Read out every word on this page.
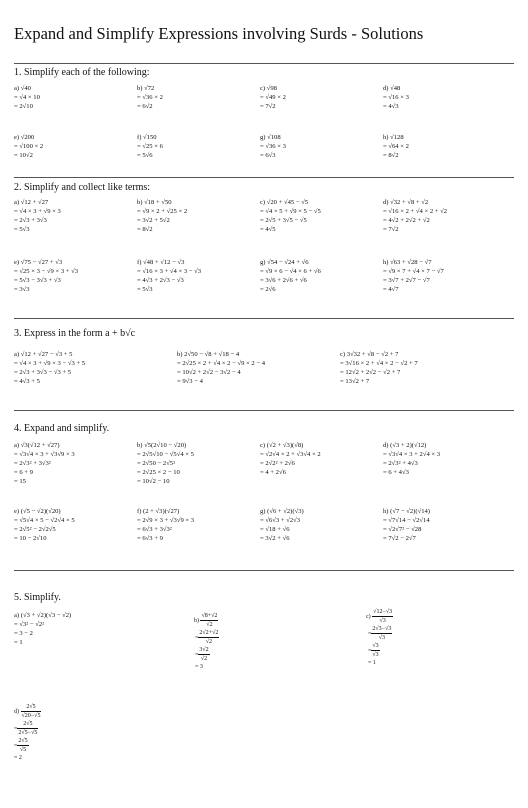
Expand and Simplify Expressions involving Surds - Solutions
1. Simplify each of the following:
a) √40
= √4 × 10
= 2√10
b) √72
= √36 × 2
= 6√2
c) √98
= √49 × 2
= 7√2
d) √48
= √16 × 3
= 4√3
e) √200
= √100 × 2
= 10√2
f) √150
= √25 × 6
= 5√6
g) √108
= √36 × 3
= 6√3
h) √128
= √64 × 2
= 8√2
2. Simplify and collect like terms:
a) √12 + √27
= √4 × 3 + √9 × 3
= 2√3 + 3√3
= 5√3
b) √18 + √50
= √9 × 2 + √25 × 2
= 3√2 + 5√2
= 8√2
c) √20 + √45 − √5
= √4 × 5 + √9 × 5 − √5
= 2√5 + 3√5 − √5
= 4√5
d) √32 + √8 + √2
= √16 × 2 + √4 × 2 + √2
= 4√2 + 2√2 + √2
= 7√2
e) √75 − √27 + √3
= √25 × 3 − √9 × 3 + √3
= 5√3 − 3√3 + √3
= 3√3
f) √48 + √12 − √3
= √16 × 3 + √4 × 3 − √3
= 4√3 + 2√3 − √3
= 5√3
g) √54 − √24 + √6
= √9 × 6 − √4 × 6 + √6
= 3√6 + 2√6 + √6
= 2√6
h) √63 + √28 − √7
= √9 × 7 + √4 × 7 − √7
= 3√7 + 2√7 − √7
= 4√7
3. Express in the form a + b√c
a) √12 + √27 − √3 + 5
= √4 × 3 + √9 × 3 − √3 + 5
= 2√3 + 3√3 − √3 + 5
= 4√3 + 5
b) 2√50 − √8 + √18 − 4
= 2√25 × 2 + √4 × 2 − √9 × 2 − 4
= 10√2 + 2√2 − 3√2 − 4
= 9√3 − 4
c) 3√32 + √8 − √2 + 7
= 3√16 × 2 + √4 × 2 − √2 + 7
= 12√2 + 2√2 − √2 + 7
= 13√2 + 7
4. Expand and simplify.
a) √3(√12 + √27)
= √3√4 × 3 + √3√9 × 3
= 2√3² + 3√3²
= 6 + 9
= 15
b) √5(2√10 − √20)
= 2√5√10 − √5√4 × 5
= 2√50 − 2√5²
= 2√25 × 2 − 10
= 10√2 − 10
c) (√2 + √3)(√8)
= √2√4 × 2 + √3√4 × 2
= 2√2² + 2√6
= 4 + 2√6
d) (√3 + 2)(√12)
= √3√4 × 3 + 2√4 × 3
= 2√3² + 4√3
= 6 + 4√3
e) (√5 − √2)(√20)
= √5√4 × 5 − √2√4 × 5
= 2√5² − 2√2√5
= 10 − 2√10
f) (2 + √3)(√27)
= 2√9 × 3 + √3√9 × 3
= 6√3 + 3√3²
= 6√3 + 9
g) (√6 + √2)(√3)
= √6√3 + √2√3
= √18 + √6
= 3√2 + √6
h) (√7 − √2)(√14)
= √7√14 − √2√14
= √2√7² − √28
= 7√2 − 2√7
5. Simplify.
a) (√3 + √2)(√3 − √2)
= √3² − √2²
= 3 − 2
= 1
$b) \frac{√8+√2}{√2}$
= $\frac{2√2+√2}{√2}$
= $\frac{3√2}{√2}$
= 3
$c) \frac{√12-√3}{√3}$
= $\frac{2√3-√3}{√3}$
= $\frac{√3}{√3}$
= 1
$d) \frac{2√5}{√20-√5}$
= $\frac{2√5}{2√5-√5}$
= $\frac{2√5}{√5}$
= 2
